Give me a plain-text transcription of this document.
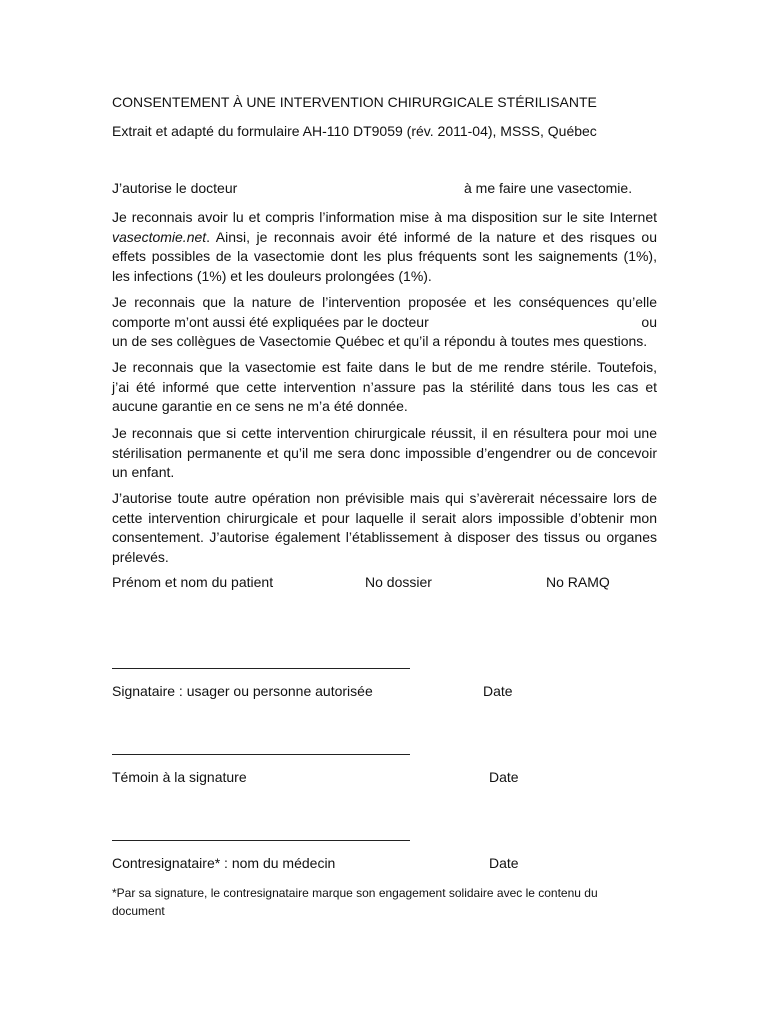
CONSENTEMENT À UNE INTERVENTION CHIRURGICALE STÉRILISANTE
Extrait et adapté du formulaire AH-110 DT9059 (rév. 2011-04), MSSS, Québec
J’autorise le docteur	à me faire une vasectomie.
Je reconnais avoir lu et compris l’information mise à ma disposition sur le site Internet
vasectomie.net. Ainsi, je reconnais avoir été informé de la nature et des risques ou
effets possibles de la vasectomie dont les plus fréquents sont les saignements (1%),
les infections (1%) et les douleurs prolongées (1%).
Je reconnais que la nature de l’intervention proposée et les conséquences qu’elle
comporte m’ont aussi été expliquées par le docteur	ou
un de ses collègues de Vasectomie Québec et qu’il a répondu à toutes mes questions.
Je reconnais que la vasectomie est faite dans le but de me rendre stérile. Toutefois,
j’ai été informé que cette intervention n’assure pas la stérilité dans tous les cas et
aucune garantie en ce sens ne m’a été donnée.
Je reconnais que si cette intervention chirurgicale réussit, il en résultera pour moi une
stérilisation permanente et qu’il me sera donc impossible d’engendrer ou de concevoir
un enfant.
J’autorise toute autre opération non prévisible mais qui s’avèrerait nécessaire lors de
cette intervention chirurgicale et pour laquelle il serait alors impossible d’obtenir mon
consentement. J’autorise également l’établissement à disposer des tissus ou organes
prélevés.
Prénom et nom du patient	No dossier	No RAMQ
Signataire : usager ou personne autorisée	Date
Témoin à la signature	Date
Contresignataire* : nom du médecin	Date
*Par sa signature, le contresignataire marque son engagement solidaire avec le contenu du
document
